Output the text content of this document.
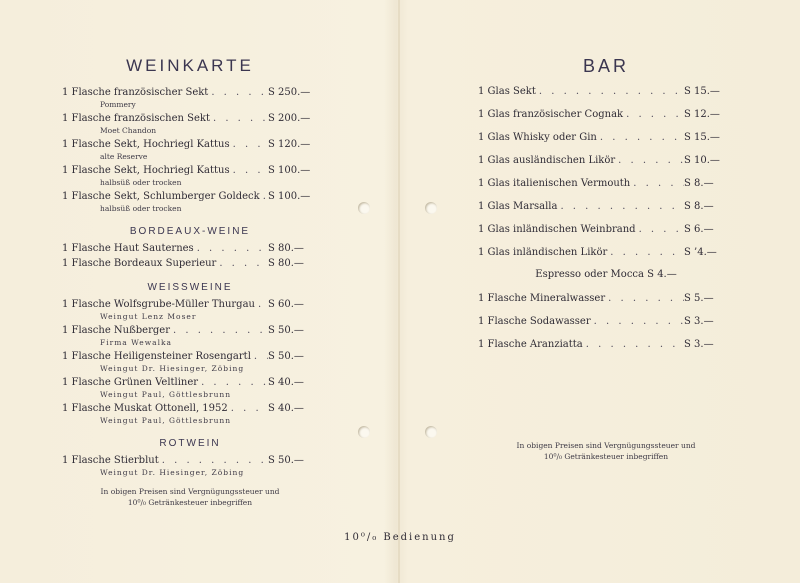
WEINKARTE
1 Flasche französischer Sekt . . .	S 250.—
Pommery
1 Flasche französischen Sekt . . .	S 200.—
Moet Chandon
1 Flasche Sekt, Hochriegl Kattus . . .	S 120.—
alte Reserve
1 Flasche Sekt, Hochriegl Kattus . . .	S 100.—
halbsüß oder trocken
1 Flasche Sekt, Schlumberger Goldeck . . . S 100.—
halbsüß oder trocken
BORDEAUX-WEINE
1 Flasche Haut Sauternes . . .	S 80.—
1 Flasche Bordeaux Superieur . . .	S 80.—
WEISSWEINE
1 Flasche Wolfsgrube-Müller Thurgau . . . S 60.—
Weingut Lenz Moser
1 Flasche Nußberger . . .	S 50.—
Firma Wewalka
1 Flasche Heiligensteiner Rosengartl . . . S 50.—
Weingut Dr. Hiesinger, Zöbing
1 Flasche Grünen Veltliner . . .	S 40.—
Weingut Paul, Göttlesbrunn
1 Flasche Muskat Ottonell, 1952 . . .	S 40.—
Weingut Paul, Göttlesbrunn
ROTWEIN
1 Flasche Stierblut . . .	S 50.—
Weingut Dr. Hiesinger, Zöbing
In obigen Preisen sind Vergnügungssteuer und
10⁰/₀ Getränkesteuer inbegriffen
BAR
1 Glas Sekt . . .	S 15.—
1 Glas französischer Cognak . . .	S 12.—
1 Glas Whisky oder Gin . . .	S 15.—
1 Glas ausländischen Likör . . .	S 10.—
1 Glas italienischen Vermouth . . .	S 8.—
1 Glas Marsalla . . .	S 8.—
1 Glas inländischen Weinbrand . . .	S 6.—
1 Glas inländischen Likör . . .	S ’4.—
Espresso oder Mocca S 4.—
1 Flasche Mineralwasser . . .	S 5.—
1 Flasche Sodawasser . . .	S 3.—
1 Flasche Aranziatta . . .	S 3.—
In obigen Preisen sind Vergnügungssteuer und
10⁰/₀ Getränkesteuer inbegriffen
10⁰/₀ Bedienung
